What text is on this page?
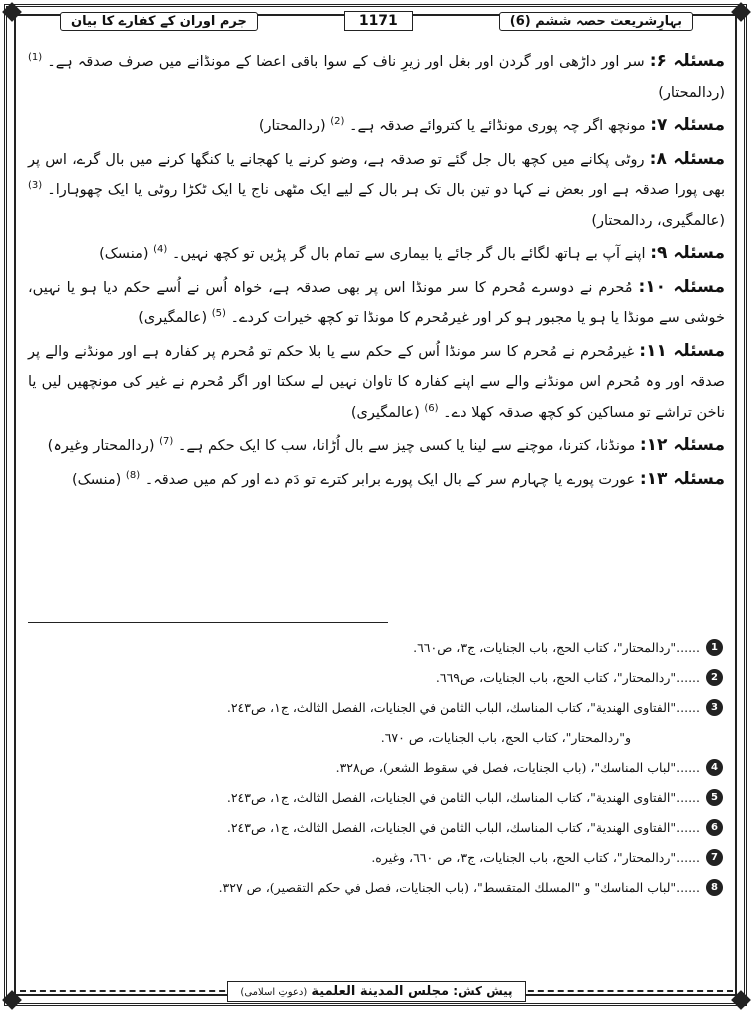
جرم اوران کے کفارے کا بیان	1171	بہارِشریعت حصہ ششم (6)

مسئلہ ۶: سر اور داڑھی اور گردن اور بغل اور زیرِ ناف کے سوا باقی اعضا کے مونڈانے میں صرف صدقہ ہے۔ $^{(1)}$ (ردالمحتار)

مسئلہ ۷: مونچھ اگر چہ پوری مونڈائے یا کتروائے صدقہ ہے۔ $^{(2)}$ (ردالمحتار)

مسئلہ ۸: روٹی پکانے میں کچھ بال جل گئے تو صدقہ ہے، وضو کرنے یا کھجانے یا کنگھا کرنے میں بال گرے، اس پر بھی پورا صدقہ ہے اور بعض نے کہا دو تین بال تک ہر بال کے لیے ایک مٹھی ناج یا ایک ٹکڑا روٹی یا ایک چھوہارا۔ $^{(3)}$ (عالمگیری، ردالمحتار)

مسئلہ ۹: اپنے آپ بے ہاتھ لگائے بال گر جائے یا بیماری سے تمام بال گر پڑیں تو کچھ نہیں۔ $^{(4)}$ (منسک)

مسئلہ ۱۰: مُحرم نے دوسرے مُحرم کا سر مونڈا اس پر بھی صدقہ ہے، خواہ اُس نے اُسے حکم دیا ہو یا نہیں، خوشی سے مونڈا یا ہو یا مجبور ہو کر اور غیرمُحرم کا مونڈا تو کچھ خیرات کردے۔ $^{(5)}$ (عالمگیری)

مسئلہ ۱۱: غیرمُحرم نے مُحرم کا سر مونڈا اُس کے حکم سے یا بلا حکم تو مُحرم پر کفارہ ہے اور مونڈنے والے پر صدقہ اور وہ مُحرم اس مونڈنے والے سے اپنے کفارہ کا تاوان نہیں لے سکتا اور اگر مُحرم نے غیر کی مونچھیں لیں یا ناخن تراشے تو مساکین کو کچھ صدقہ کھلا دے۔ $^{(6)}$ (عالمگیری)

مسئلہ ۱۲: مونڈنا، کترنا، موچنے سے لینا یا کسی چیز سے بال اُڑانا، سب کا ایک حکم ہے۔ $^{(7)}$ (ردالمحتار وغیرہ)

مسئلہ ۱۳: عورت پورے یا چہارم سر کے بال ایک پورے برابر کترے تو دَم دے اور کم میں صدقہ۔ $^{(8)}$ (منسک)

1
......"ردالمحتار"، كتاب الحج، باب الجنايات، ج٣، ص٦٦٠.
2
......"ردالمحتار"، كتاب الحج، باب الجنايات، ص٦٦٩.
3
......"الفتاوى الهندية"، كتاب المناسك، الباب الثامن في الجنايات، الفصل الثالث، ج١، ص٢٤٣.
و"ردالمحتار"، كتاب الحج، باب الجنايات، ص ٦٧٠.
4
......"لباب المناسك"، (باب الجنايات، فصل في سقوط الشعر)، ص٣٢٨.
5
......"الفتاوى الهندية"، كتاب المناسك، الباب الثامن في الجنايات، الفصل الثالث، ج١، ص٢٤٣.
6
......"الفتاوى الهندية"، كتاب المناسك، الباب الثامن في الجنايات، الفصل الثالث، ج١، ص٢٤٣.
7
......"ردالمحتار"، كتاب الحج، باب الجنايات، ج٣، ص ٦٦٠، وغيره.
8
......"لباب المناسك" و "المسلك المتقسط"، (باب الجنايات، فصل في حكم التقصير)، ص ٣٢٧.
پیش کش: مجلس المدينة العلمية (دعوتِ اسلامی)
